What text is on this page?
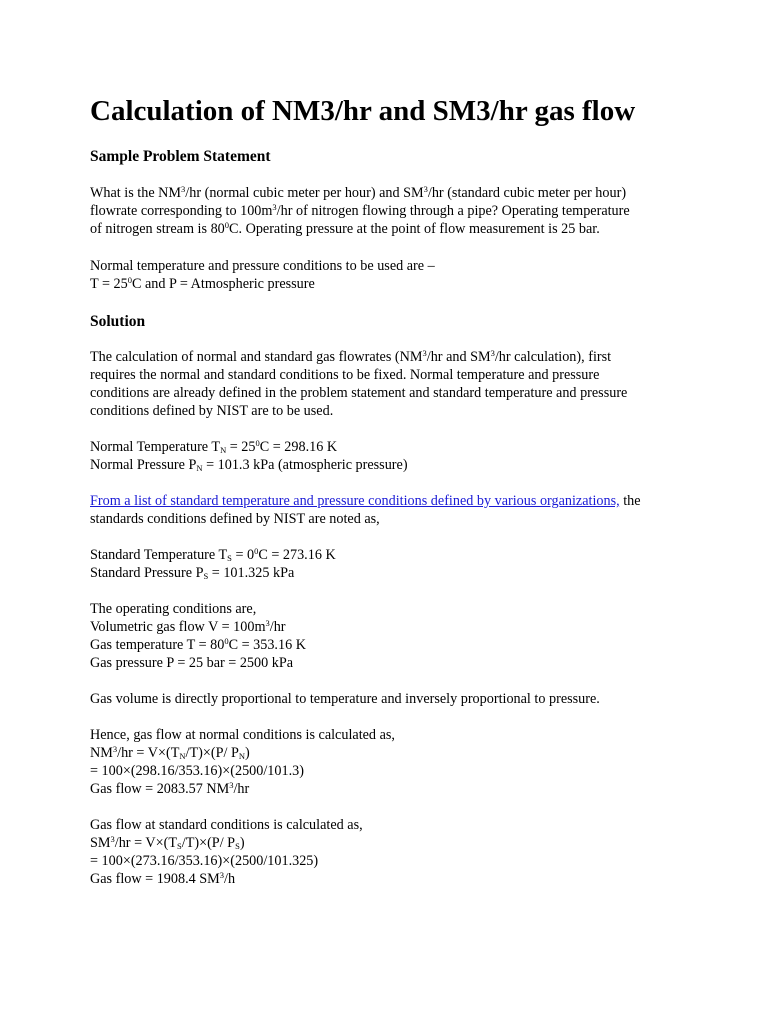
Calculation of NM3/hr and SM3/hr gas flow
Sample Problem Statement

What is the $NM^3/hr$ (normal cubic meter per hour) and $SM^3/hr$ (standard cubic meter per hour)
flowrate corresponding to $100m^3/hr$ of nitrogen flowing through a pipe? Operating temperature
of nitrogen stream is $80^0C$. Operating pressure at the point of flow measurement is 25 bar.

Normal temperature and pressure conditions to be used are –
$T = 25^0C$ and P = Atmospheric pressure

Solution

The calculation of normal and standard gas flowrates ($NM^3/hr$ and $SM^3/hr$ calculation), first
requires the normal and standard conditions to be fixed. Normal temperature and pressure
conditions are already defined in the problem statement and standard temperature and pressure
conditions defined by NIST are to be used.

Normal Temperature $T_N = 25^0C = 298.16$ K
Normal Pressure $P_N = 101.3$ kPa (atmospheric pressure)

From a list of standard temperature and pressure conditions defined by various organizations, the
standards conditions defined by NIST are noted as,

Standard Temperature $T_S = 0^0C = 273.16$ K
Standard Pressure $P_S = 101.325$ kPa

The operating conditions are,
Volumetric gas flow $V = 100m^3/hr$
Gas temperature $T = 80^0C = 353.16$ K
Gas pressure P = 25 bar = 2500 kPa

Gas volume is directly proportional to temperature and inversely proportional to pressure.

Hence, gas flow at normal conditions is calculated as,
$NM^3/hr = V\times(T_N/T)\times(P/$ $P_N$)
= 100×(298.16/353.16)×(2500/101.3)
Gas flow = 2083.57 $NM^3/hr$

Gas flow at standard conditions is calculated as,
$SM^3/hr = V\times(T_S/T)\times(P/$ $P_S$)
= 100×(273.16/353.16)×(2500/101.325)
Gas flow = 1908.4 $SM^3/h$
